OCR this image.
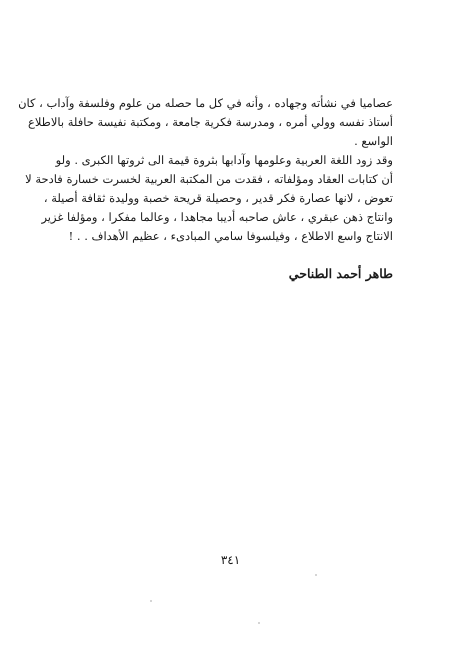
عصاميا في نشأته وجهاده ، وأنه في كل ما حصله من علوم وفلسفة وآداب ، كان
أستاذ نفسه وولي أمره ، ومدرسة فكرية جامعة ، ومكتبة نفيسة حافلة بالاطلاع
الواسع .
وقد زود اللغة العربية وعلومها وآدابها بثروة قيمة الى ثروتها الكبرى . ولو
أن كتابات العقاد ومؤلفاته ، فقدت من المكتبة العربية لخسرت خسارة فادحة لا
تعوض ، لانها عصارة فكر قدير ، وحصيلة قريحة خصبة ووليدة ثقافة أصيلة ،
وانتاج ذهن عبقري ، عاش صاحبه أديبا مجاهدا ، وعالما مفكرا ، ومؤلفا غزير
الانتاج واسع الاطلاع ، وفيلسوفا سامي المبادىء ، عظيم الأهداف . . !
طاهر أحمد الطناحي
٣٤١
